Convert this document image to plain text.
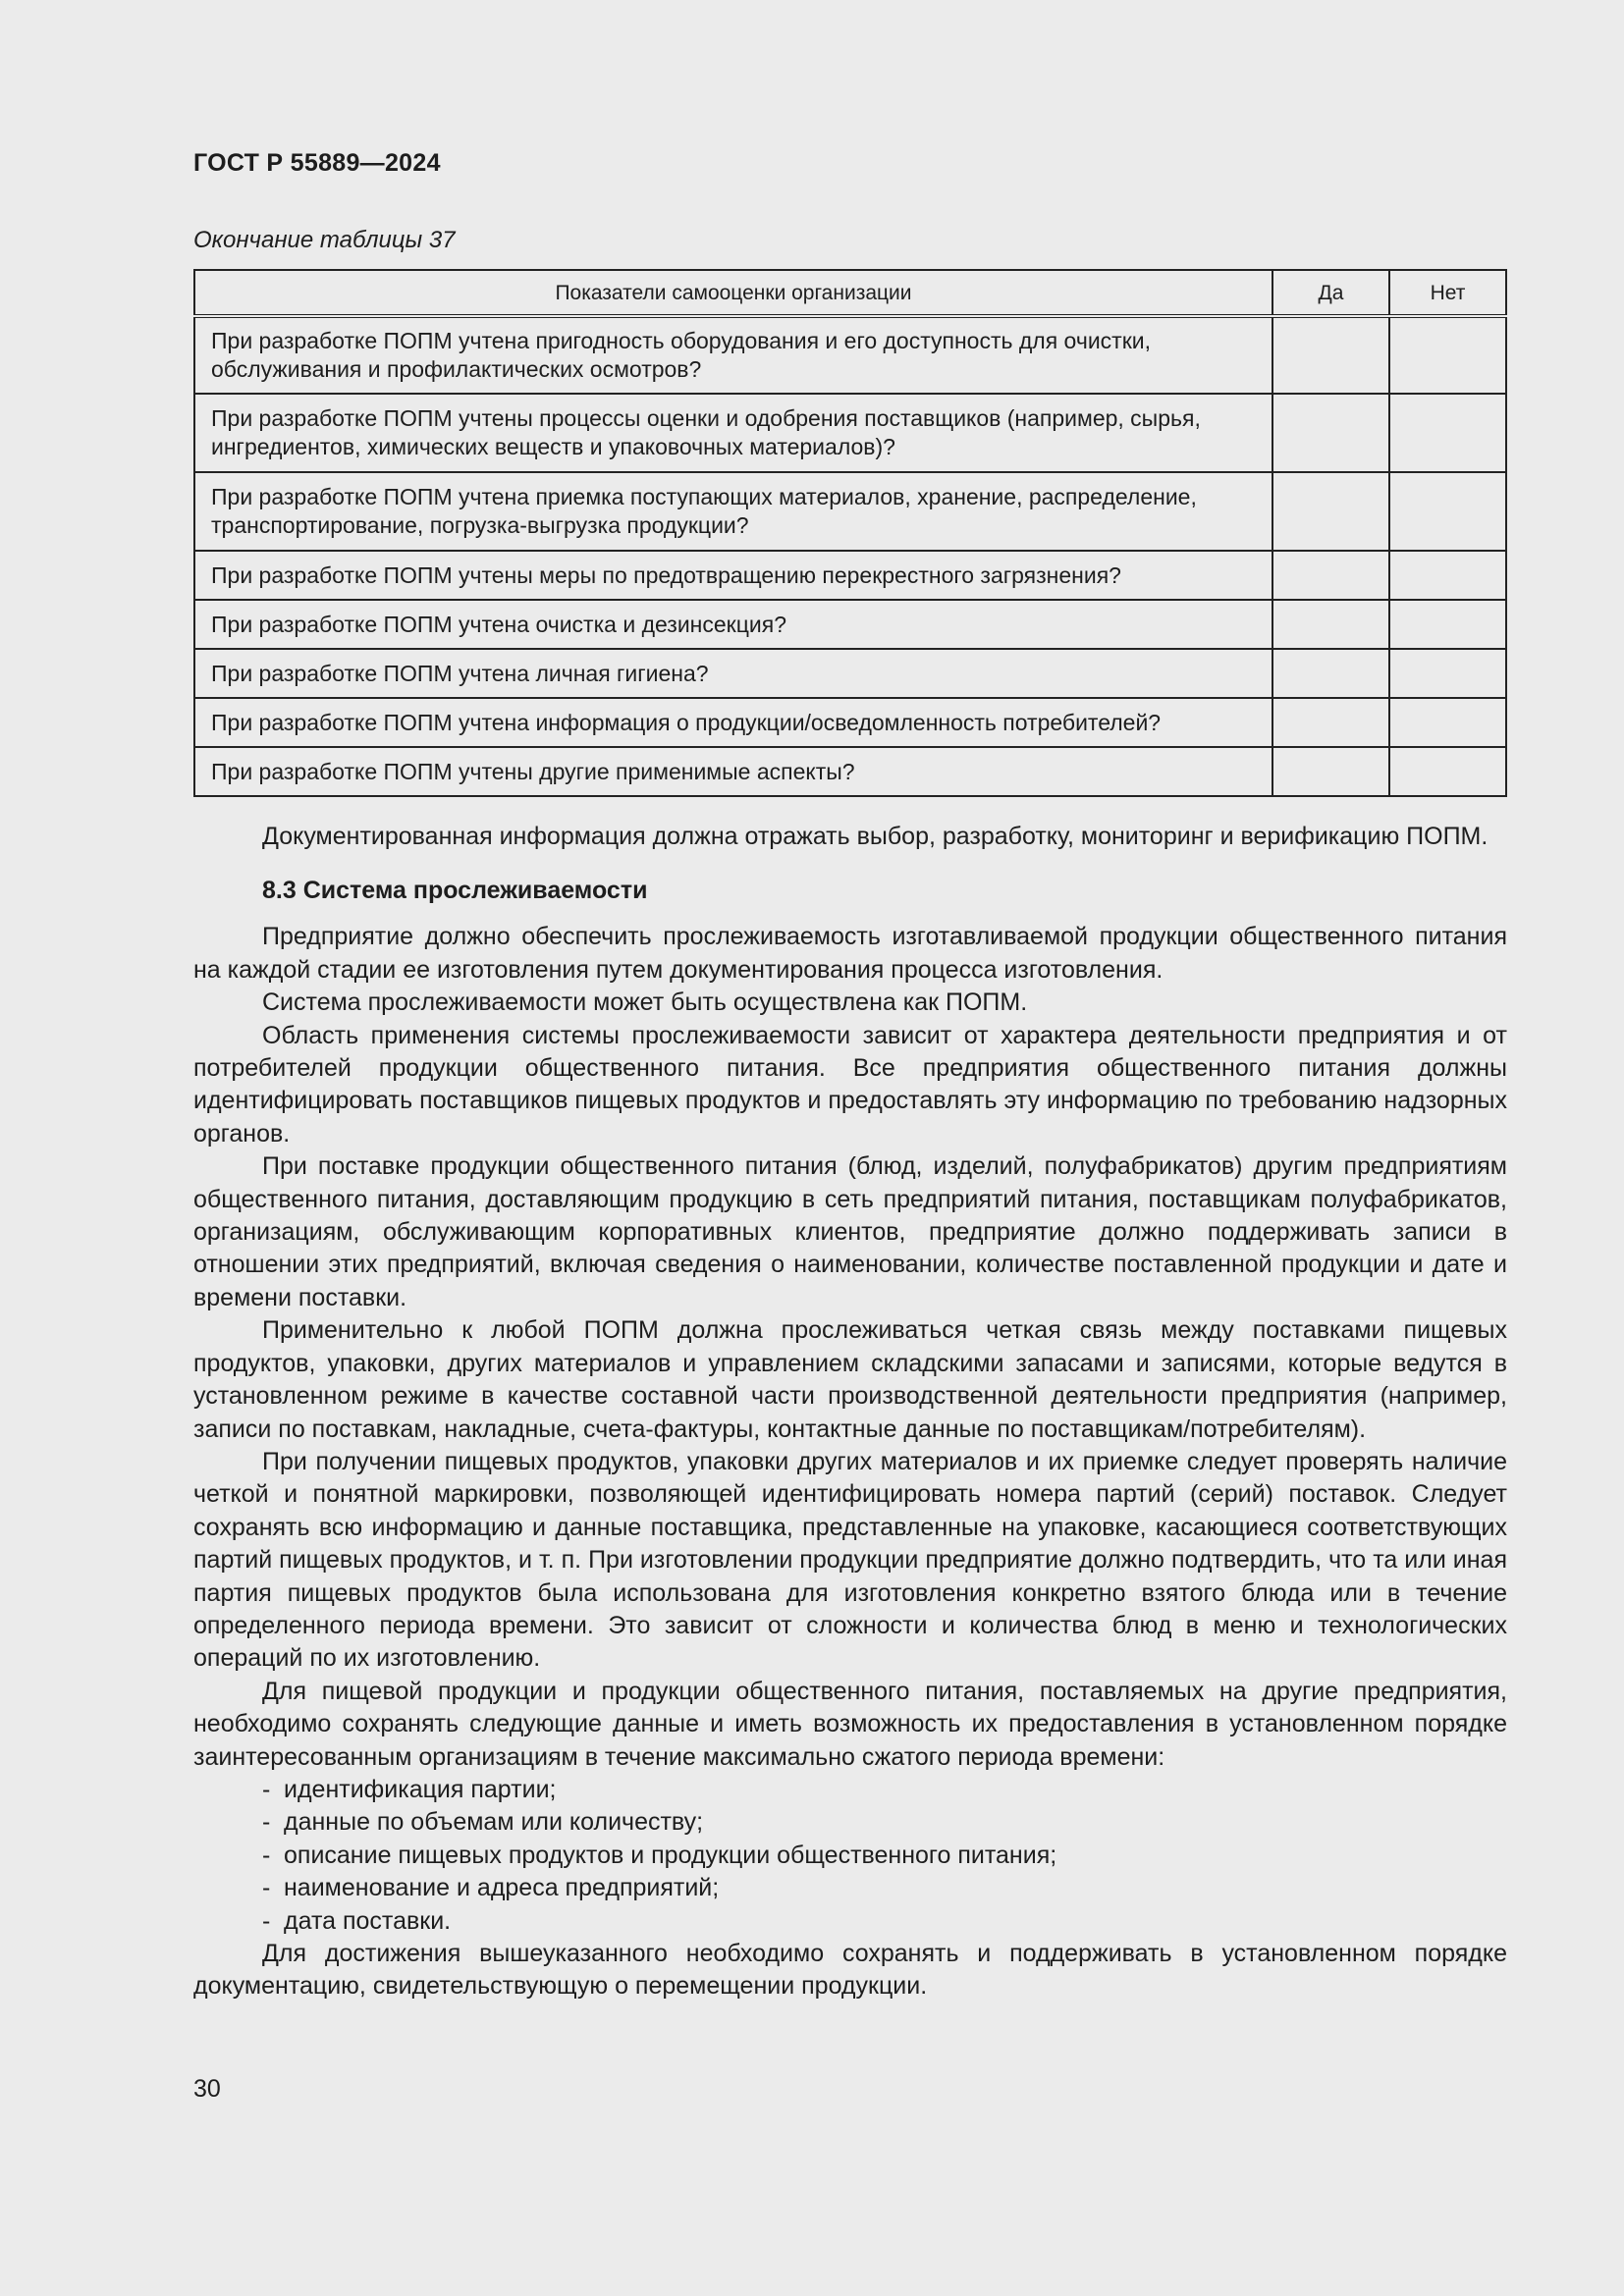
ГОСТ Р 55889—2024
Окончание таблицы 37
Показатели самооценки организации	Да	Нет
При разработке ПОПМ учтена пригодность оборудования и его доступность для очистки, обслуживания и профилактических осмотров?		
При разработке ПОПМ учтены процессы оценки и одобрения поставщиков (например, сырья, ингредиентов, химических веществ и упаковочных материалов)?		
При разработке ПОПМ учтена приемка поступающих материалов, хранение, распределение, транспортирование, погрузка-выгрузка продукции?		
При разработке ПОПМ учтены меры по предотвращению перекрестного загрязнения?		
При разработке ПОПМ учтена очистка и дезинсекция?		
При разработке ПОПМ учтена личная гигиена?		
При разработке ПОПМ учтена информация о продукции/осведомленность потребителей?		
При разработке ПОПМ учтены другие применимые аспекты?		

Документированная информация должна отражать выбор, разработку, мониторинг и верификацию ПОПМ.

8.3 Система прослеживаемости

Предприятие должно обеспечить прослеживаемость изготавливаемой продукции общественного питания на каждой стадии ее изготовления путем документирования процесса изготовления.

Система прослеживаемости может быть осуществлена как ПОПМ.

Область применения системы прослеживаемости зависит от характера деятельности предприятия и от потребителей продукции общественного питания. Все предприятия общественного питания должны идентифицировать поставщиков пищевых продуктов и предоставлять эту информацию по требованию надзорных органов.

При поставке продукции общественного питания (блюд, изделий, полуфабрикатов) другим предприятиям общественного питания, доставляющим продукцию в сеть предприятий питания, поставщикам полуфабрикатов, организациям, обслуживающим корпоративных клиентов, предприятие должно поддерживать записи в отношении этих предприятий, включая сведения о наименовании, количестве поставленной продукции и дате и времени поставки.

Применительно к любой ПОПМ должна прослеживаться четкая связь между поставками пищевых продуктов, упаковки, других материалов и управлением складскими запасами и записями, которые ведутся в установленном режиме в качестве составной части производственной деятельности предприятия (например, записи по поставкам, накладные, счета-фактуры, контактные данные по поставщикам/потребителям).

При получении пищевых продуктов, упаковки других материалов и их приемке следует проверять наличие четкой и понятной маркировки, позволяющей идентифицировать номера партий (серий) поставок. Следует сохранять всю информацию и данные поставщика, представленные на упаковке, касающиеся соответствующих партий пищевых продуктов, и т. п. При изготовлении продукции предприятие должно подтвердить, что та или иная партия пищевых продуктов была использована для изготовления конкретно взятого блюда или в течение определенного периода времени. Это зависит от сложности и количества блюд в меню и технологических операций по их изготовлению.

Для пищевой продукции и продукции общественного питания, поставляемых на другие предприятия, необходимо сохранять следующие данные и иметь возможность их предоставления в установленном порядке заинтересованным организациям в течение максимально сжатого периода времени:

- идентификация партии;
- данные по объемам или количеству;
- описание пищевых продуктов и продукции общественного питания;
- наименование и адреса предприятий;
- дата поставки.

Для достижения вышеуказанного необходимо сохранять и поддерживать в установленном порядке документацию, свидетельствующую о перемещении продукции.

30
